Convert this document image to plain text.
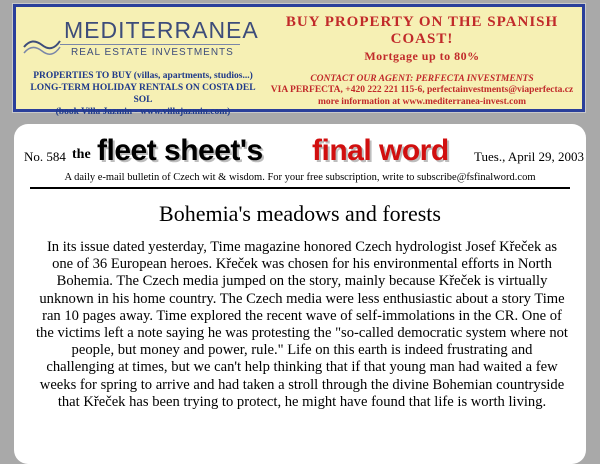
MEDITERRANEA
REAL ESTATE INVESTMENTS
PROPERTIES TO BUY (villas, apartments, studios...)
LONG-TERM HOLIDAY RENTALS ON COSTA DEL SOL
(book Villa Jazmin - www.villajazmin.com)
BUY PROPERTY ON THE SPANISH COAST!
Mortgage up to 80%
CONTACT OUR AGENT: PERFECTA INVESTMENTS
VIA PERFECTA, +420 222 221 115-6, perfectainvestments@viaperfecta.cz
more information at www.mediterranea-invest.com
No. 584 the fleet sheet's final word Tues., April 29, 2003
A daily e-mail bulletin of Czech wit & wisdom. For your free subscription, write to subscribe@fsfinalword.com
Bohemia's meadows and forests
In its issue dated yesterday, Time magazine honored Czech hydrologist Josef Křeček as one of 36 European heroes. Křeček was chosen for his environmental efforts in North Bohemia. The Czech media jumped on the story, mainly because Křeček is virtually unknown in his home country. The Czech media were less enthusiastic about a story Time ran 10 pages away. Time explored the recent wave of self-immolations in the CR. One of the victims left a note saying he was protesting the "so-called democratic system where not people, but money and power, rule." Life on this earth is indeed frustrating and challenging at times, but we can't help thinking that if that young man had waited a few weeks for spring to arrive and had taken a stroll through the divine Bohemian countryside that Křeček has been trying to protect, he might have found that life is worth living.
